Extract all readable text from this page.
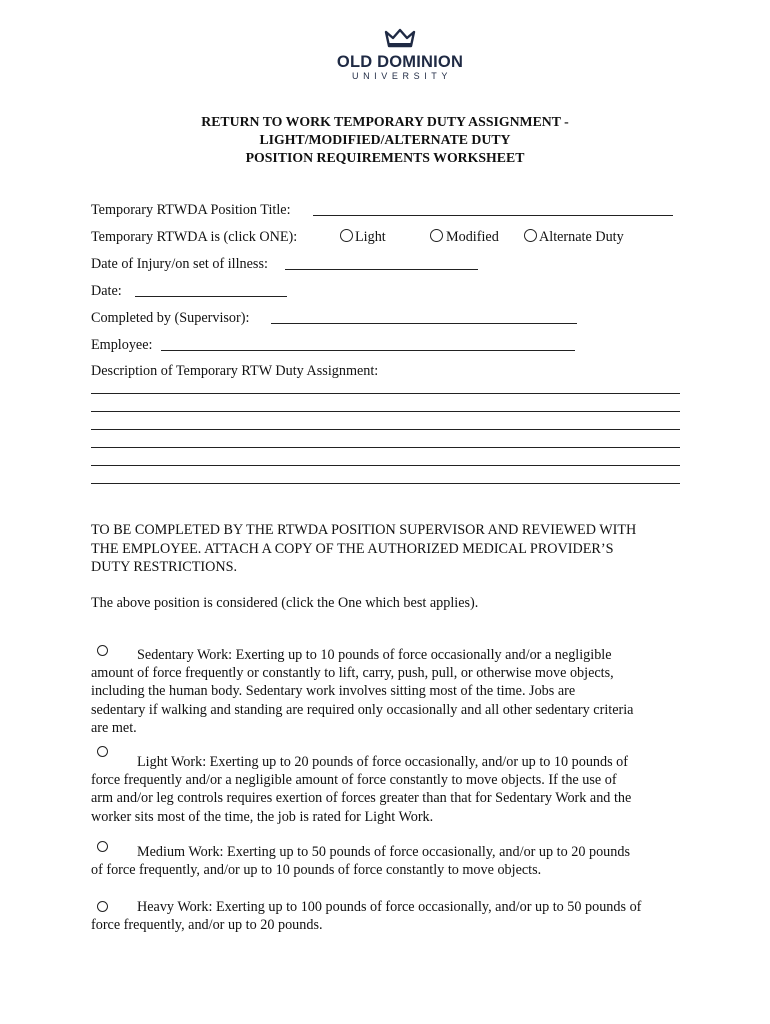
OLD DOMINION
UNIVERSITY
RETURN TO WORK TEMPORARY DUTY ASSIGNMENT -
LIGHT/MODIFIED/ALTERNATE DUTY
POSITION REQUIREMENTS WORKSHEET
Temporary RTWDA Position Title:
Temporary RTWDA is (click ONE):	Light	Modified	Alternate Duty
Date of Injury/on set of illness:
Date:
Completed by (Supervisor):
Employee:
Description of Temporary RTW Duty Assignment:
TO BE COMPLETED BY THE RTWDA POSITION SUPERVISOR AND REVIEWED WITH
THE EMPLOYEE. ATTACH A COPY OF THE AUTHORIZED MEDICAL PROVIDER’S
DUTY RESTRICTIONS.
The above position is considered (click the One which best applies).
Sedentary Work: Exerting up to 10 pounds of force occasionally and/or a negligible
amount of force frequently or constantly to lift, carry, push, pull, or otherwise move objects,
including the human body. Sedentary work involves sitting most of the time. Jobs are
sedentary if walking and standing are required only occasionally and all other sedentary criteria
are met.
Light Work: Exerting up to 20 pounds of force occasionally, and/or up to 10 pounds of
force frequently and/or a negligible amount of force constantly to move objects. If the use of
arm and/or leg controls requires exertion of forces greater than that for Sedentary Work and the
worker sits most of the time, the job is rated for Light Work.
Medium Work: Exerting up to 50 pounds of force occasionally, and/or up to 20 pounds
of force frequently, and/or up to 10 pounds of force constantly to move objects.
Heavy Work: Exerting up to 100 pounds of force occasionally, and/or up to 50 pounds of
force frequently, and/or up to 20 pounds.
